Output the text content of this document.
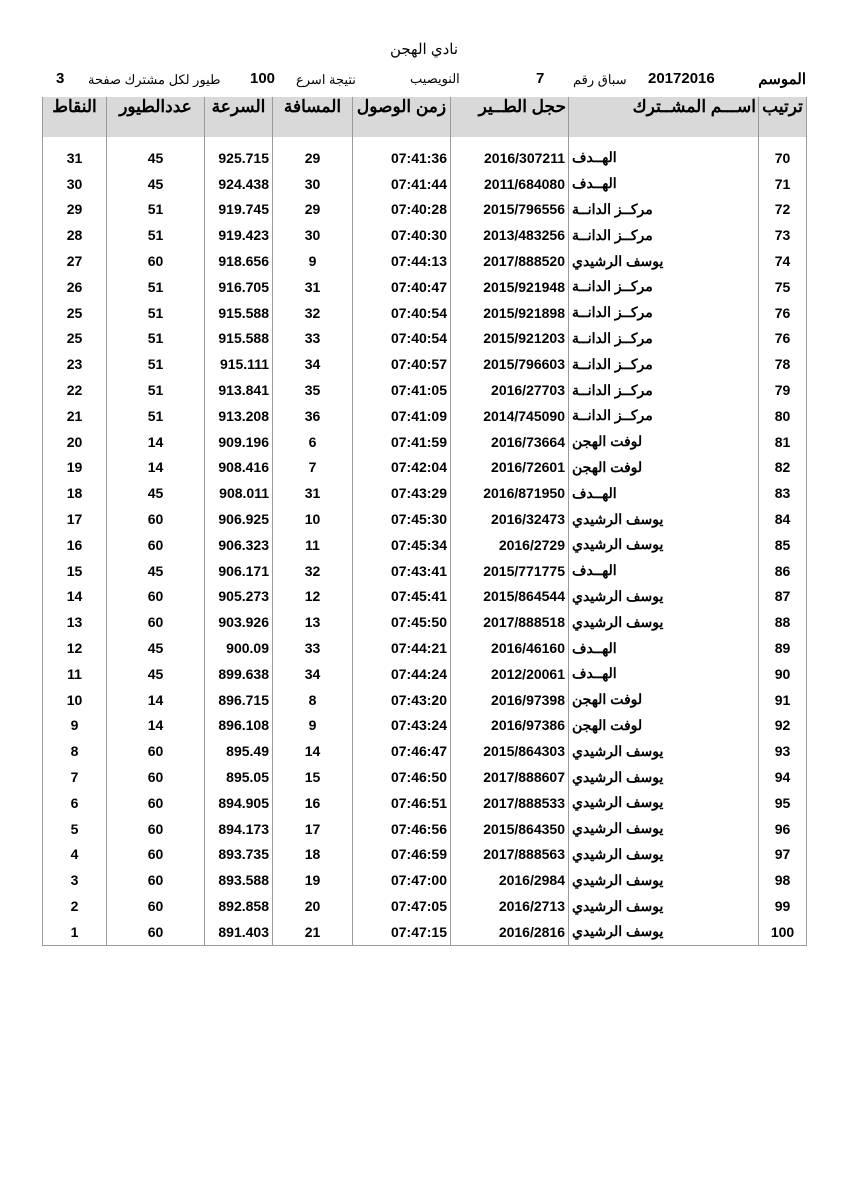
نادي الهجن
الموسم
20172016
سباق رقم
7
النويصيب
نتيجة اسرع
100
طيور لكل مشترك صفحة
3
النقاط	عددالطيور	السرعة	المسافة	زمن الوصول	حجل الطــير	اســـم المشــترك	ترتيب
31	45	925.715	29	07:41:36	2016/307211	الهــدف	70
30	45	924.438	30	07:41:44	2011/684080	الهــدف	71
29	51	919.745	29	07:40:28	2015/796556	مركــز الدانــة	72
28	51	919.423	30	07:40:30	2013/483256	مركــز الدانــة	73
27	60	918.656	9	07:44:13	2017/888520	يوسف الرشيدي	74
26	51	916.705	31	07:40:47	2015/921948	مركــز الدانــة	75
25	51	915.588	32	07:40:54	2015/921898	مركــز الدانــة	76
25	51	915.588	33	07:40:54	2015/921203	مركــز الدانــة	76
23	51	915.111	34	07:40:57	2015/796603	مركــز الدانــة	78
22	51	913.841	35	07:41:05	2016/27703	مركــز الدانــة	79
21	51	913.208	36	07:41:09	2014/745090	مركــز الدانــة	80
20	14	909.196	6	07:41:59	2016/73664	لوفت الهجن	81
19	14	908.416	7	07:42:04	2016/72601	لوفت الهجن	82
18	45	908.011	31	07:43:29	2016/871950	الهــدف	83
17	60	906.925	10	07:45:30	2016/32473	يوسف الرشيدي	84
16	60	906.323	11	07:45:34	2016/2729	يوسف الرشيدي	85
15	45	906.171	32	07:43:41	2015/771775	الهــدف	86
14	60	905.273	12	07:45:41	2015/864544	يوسف الرشيدي	87
13	60	903.926	13	07:45:50	2017/888518	يوسف الرشيدي	88
12	45	900.09	33	07:44:21	2016/46160	الهــدف	89
11	45	899.638	34	07:44:24	2012/20061	الهــدف	90
10	14	896.715	8	07:43:20	2016/97398	لوفت الهجن	91
9	14	896.108	9	07:43:24	2016/97386	لوفت الهجن	92
8	60	895.49	14	07:46:47	2015/864303	يوسف الرشيدي	93
7	60	895.05	15	07:46:50	2017/888607	يوسف الرشيدي	94
6	60	894.905	16	07:46:51	2017/888533	يوسف الرشيدي	95
5	60	894.173	17	07:46:56	2015/864350	يوسف الرشيدي	96
4	60	893.735	18	07:46:59	2017/888563	يوسف الرشيدي	97
3	60	893.588	19	07:47:00	2016/2984	يوسف الرشيدي	98
2	60	892.858	20	07:47:05	2016/2713	يوسف الرشيدي	99
1	60	891.403	21	07:47:15	2016/2816	يوسف الرشيدي	100
